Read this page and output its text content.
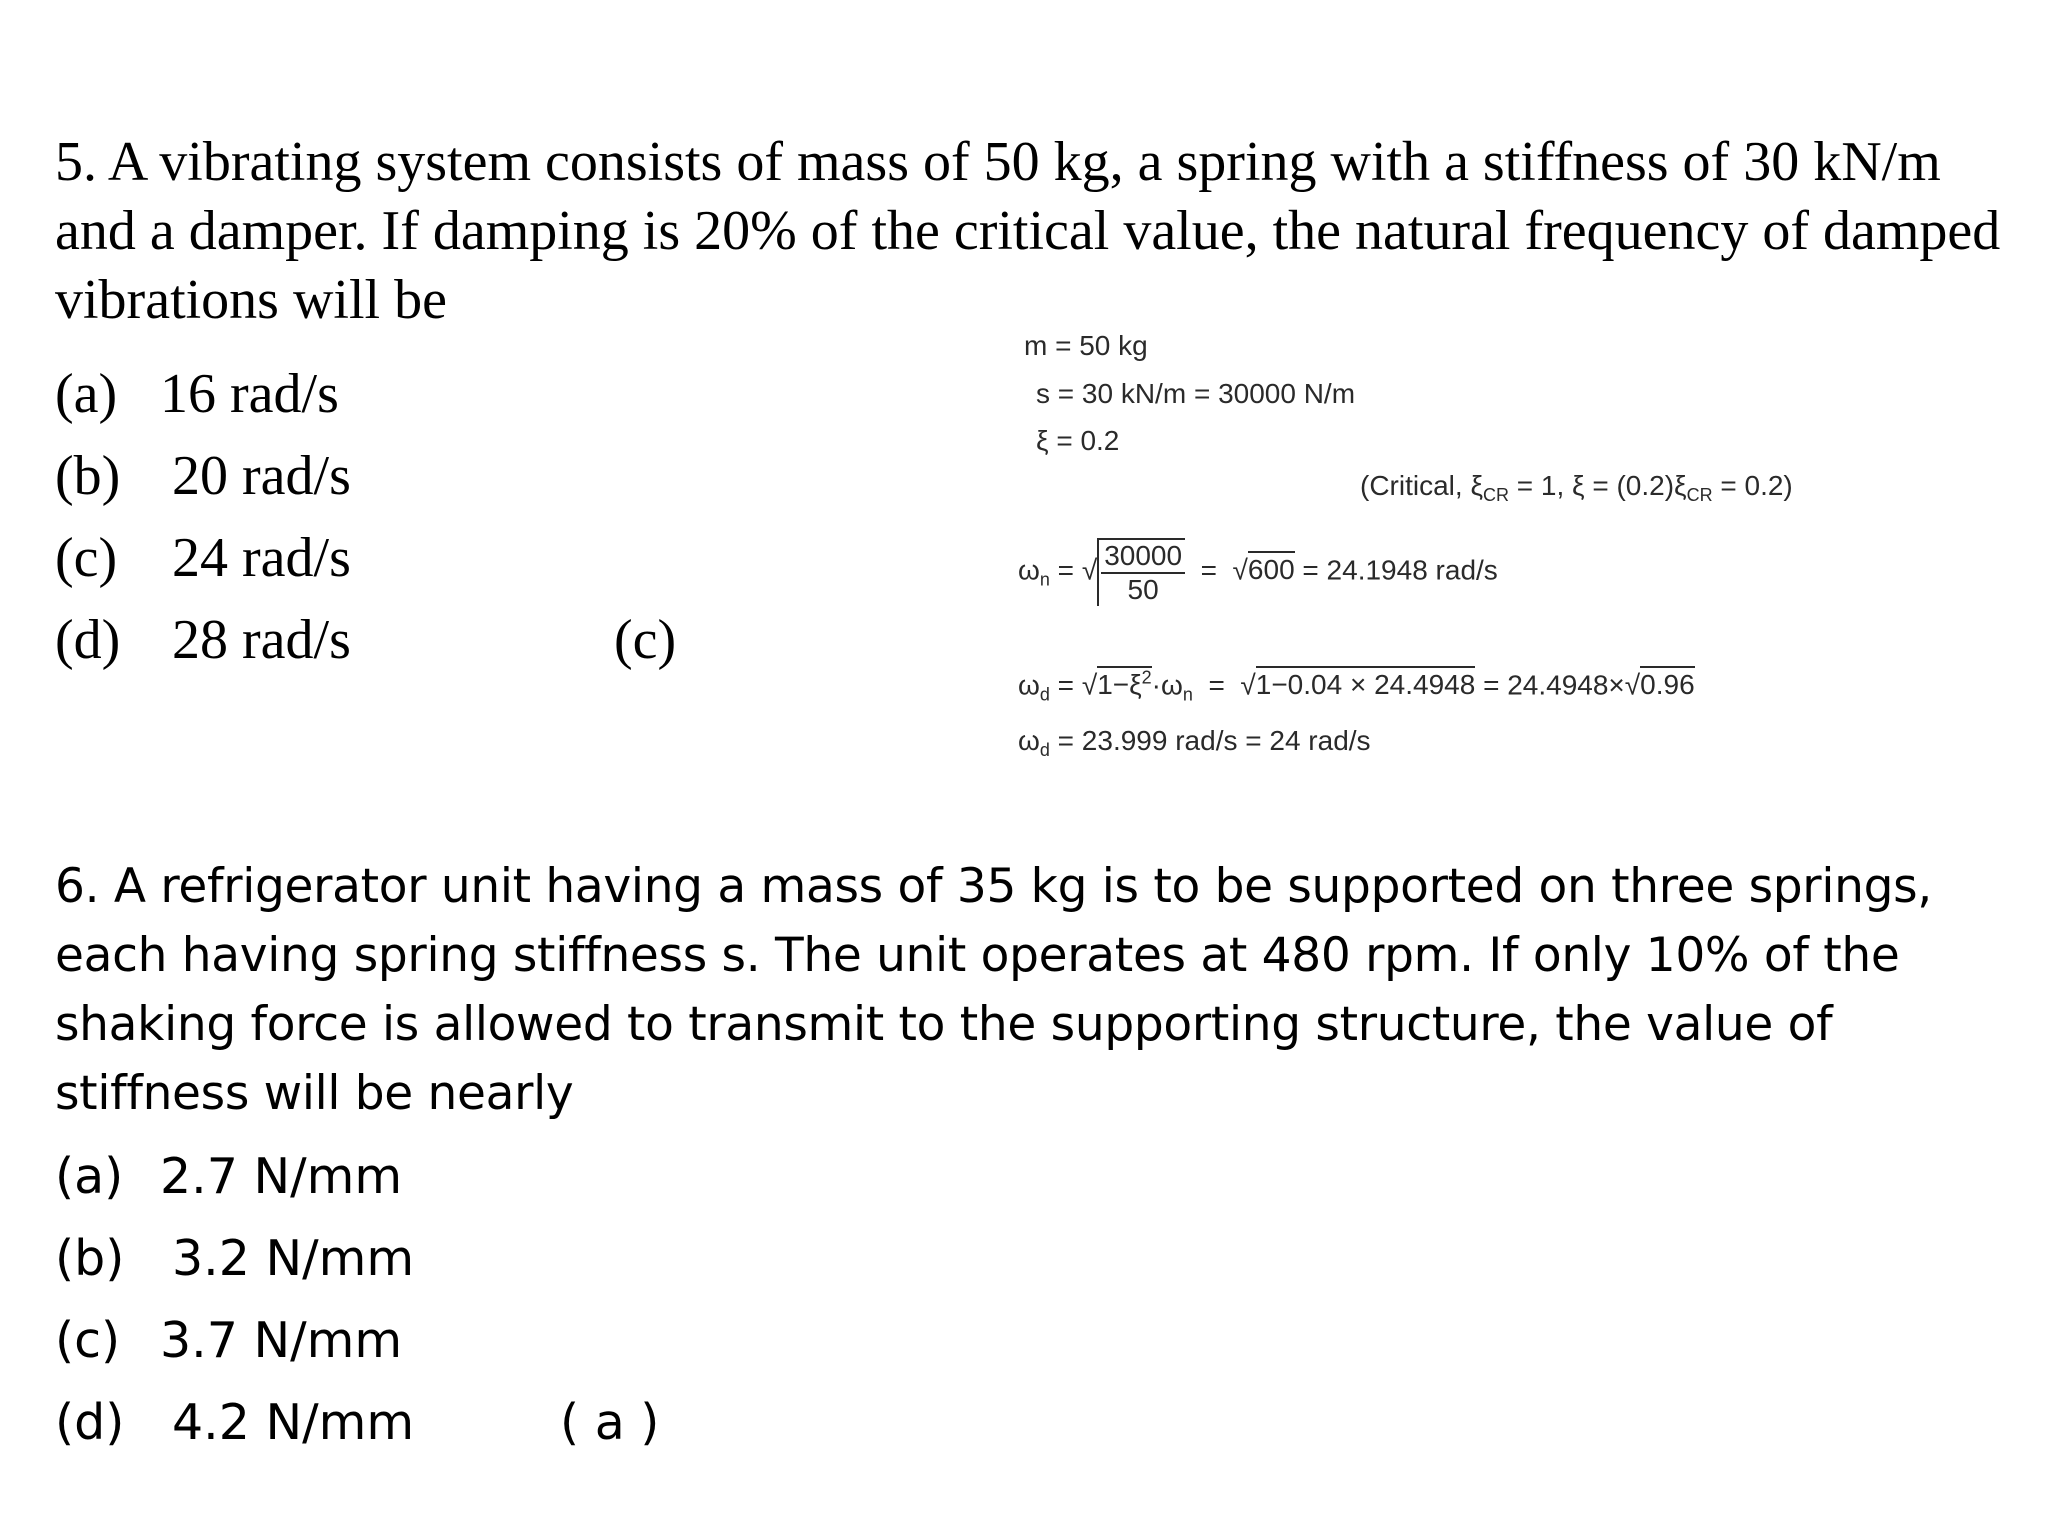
5. A vibrating system consists of mass of 50 kg, a spring with a stiffness of 30 kN/m and a damper. If damping is 20% of the critical value, the natural frequency of damped vibrations will be

(a) 16 rad/s
(b) 20 rad/s
(c) 24 rad/s
(d) 28 rad/s	(c)
m = 50 kg
s = 30 kN/m = 30000 N/m
ξ = 0.2
(Critical, $\xi_{CR} = 1$, $\xi = (0.2)\xi_{CR} = 0.2$)
$\omega_n$ = √ $\frac{30000}{50} = √600 = 24.1948$ rad/s
$\omega_d = √1-\xi^2\cdot\omega_n = √1-0.04 \times 24.4948 = 24.4948\times√0.96$
$\omega_d = 23.999$ rad/s = 24 rad/s

6. A refrigerator unit having a mass of 35 kg is to be supported on three springs, each having spring stiffness s. The unit operates at 480 rpm. If only 10% of the shaking force is allowed to transmit to the supporting structure, the value of stiffness will be nearly

(a) 2.7 N/mm
(b) 3.2 N/mm
(c) 3.7 N/mm
(d) 4.2 N/mm	( a )
